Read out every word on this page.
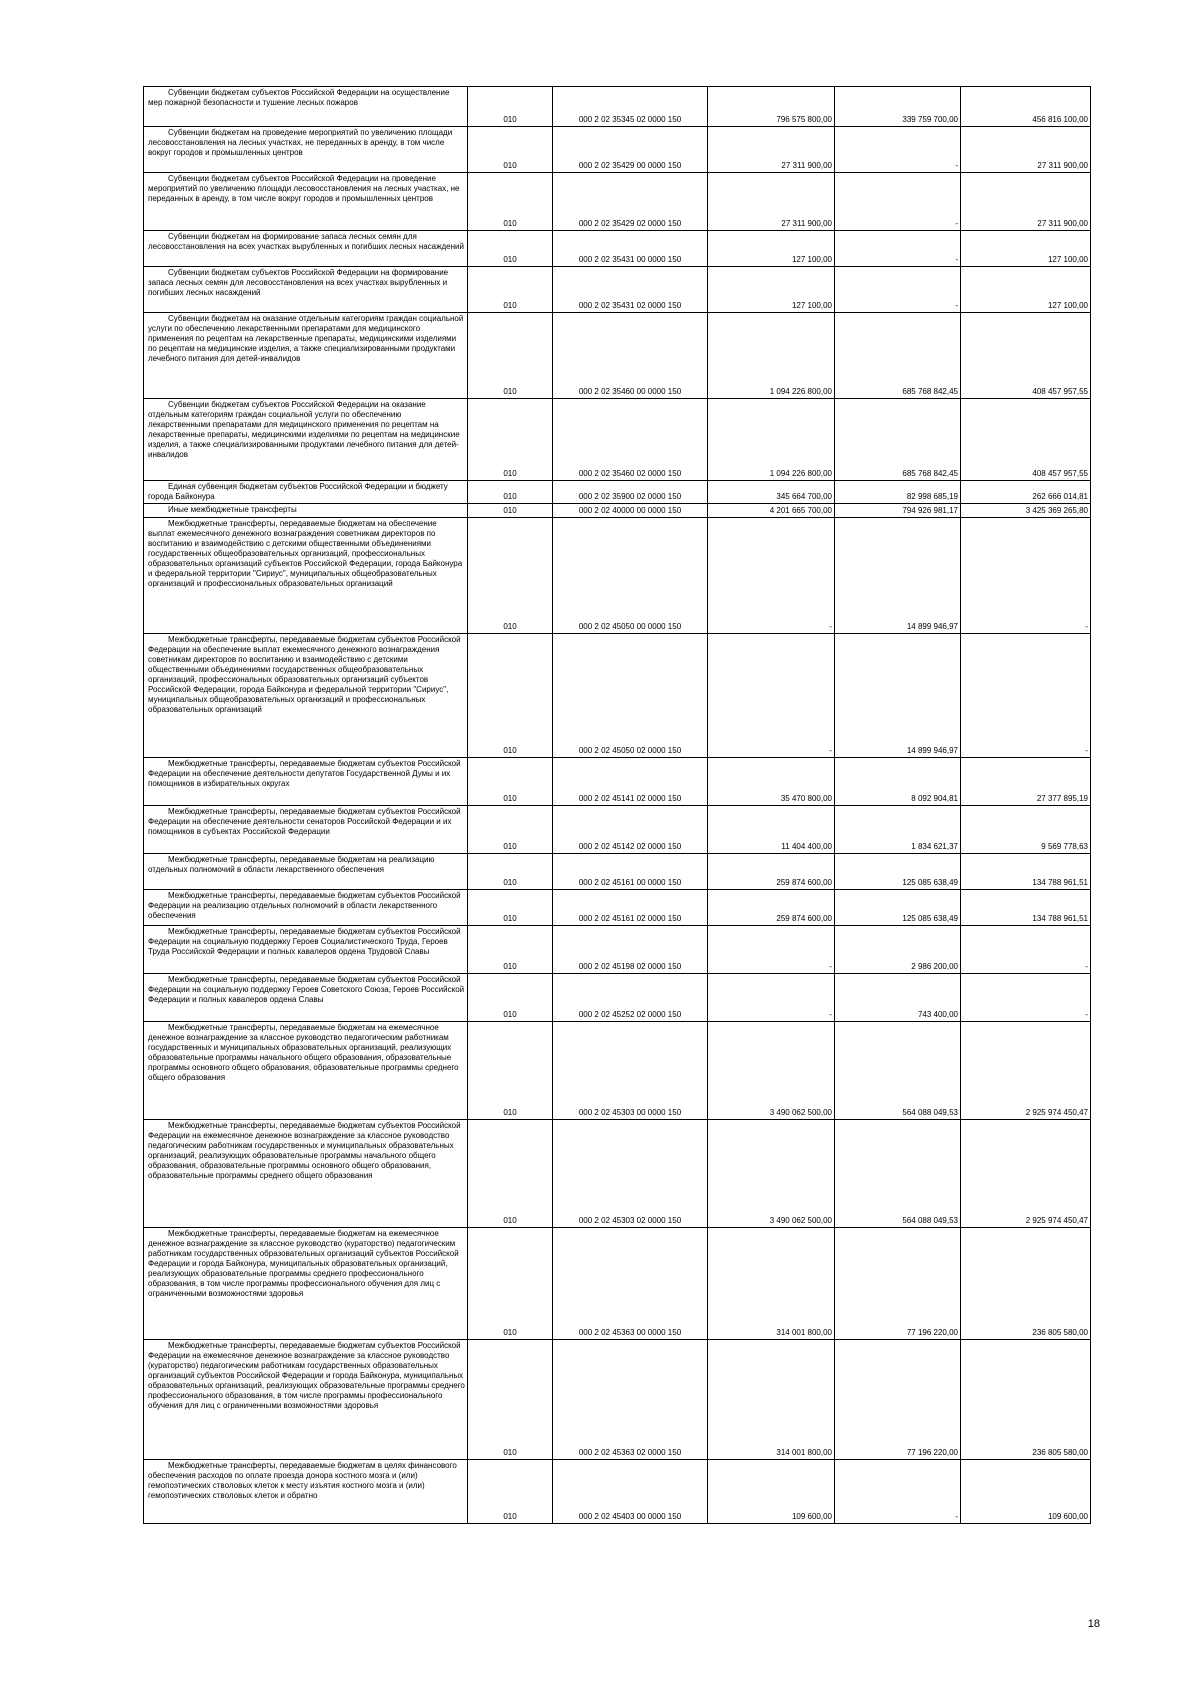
Субвенции бюджетам субъектов Российской Федерации на осуществление мер пожарной безопасности и тушение лесных пожаров	010	000 2 02 35345 02 0000 150	796 575 800,00	339 759 700,00	456 816 100,00

Субвенции бюджетам на проведение мероприятий по увеличению площади лесовосстановления на лесных участках, не переданных в аренду, в том числе вокруг городов и промышленных центров	010	000 2 02 35429 00 0000 150	27 311 900,00	-	27 311 900,00

Субвенции бюджетам субъектов Российской Федерации на проведение мероприятий по увеличению площади лесовосстановления на лесных участках, не переданных в аренду, в том числе вокруг городов и промышленных центров	010	000 2 02 35429 02 0000 150	27 311 900,00	-	27 311 900,00

Субвенции бюджетам на формирование запаса лесных семян для лесовосстановления на всех участках вырубленных и погибших лесных насаждений	010	000 2 02 35431 00 0000 150	127 100,00	-	127 100,00

Субвенции бюджетам субъектов Российской Федерации на формирование запаса лесных семян для лесовосстановления на всех участках вырубленных и погибших лесных насаждений	010	000 2 02 35431 02 0000 150	127 100,00	-	127 100,00

Субвенции бюджетам на оказание отдельным категориям граждан социальной услуги по обеспечению лекарственными препаратами для медицинского применения по рецептам на лекарственные препараты, медицинскими изделиями по рецептам на медицинские изделия, а также специализированными продуктами лечебного питания для детей-инвалидов	010	000 2 02 35460 00 0000 150	1 094 226 800,00	685 768 842,45	408 457 957,55

Субвенции бюджетам субъектов Российской Федерации на оказание отдельным категориям граждан социальной услуги по обеспечению лекарственными препаратами для медицинского применения по рецептам на лекарственные препараты, медицинскими изделиями по рецептам на медицинские изделия, а также специализированными продуктами лечебного питания для детей-инвалидов	010	000 2 02 35460 02 0000 150	1 094 226 800,00	685 768 842,45	408 457 957,55

Единая субвенция бюджетам субъектов Российской Федерации и бюджету города Байконура	010	000 2 02 35900 02 0000 150	345 664 700,00	82 998 685,19	262 666 014,81

Иные межбюджетные трансферты	010	000 2 02 40000 00 0000 150	4 201 665 700,00	794 926 981,17	3 425 369 265,80

Межбюджетные трансферты, передаваемые бюджетам на обеспечение выплат ежемесячного денежного вознаграждения советникам директоров по воспитанию и взаимодействию с детскими общественными объединениями государственных общеобразовательных организаций, профессиональных образовательных организаций субъектов Российской Федерации, города Байконура и федеральной территории "Сириус", муниципальных общеобразовательных организаций и профессиональных образовательных организаций	010	000 2 02 45050 00 0000 150	-	14 899 946,97	-

Межбюджетные трансферты, передаваемые бюджетам субъектов Российской Федерации на обеспечение выплат ежемесячного денежного вознаграждения советникам директоров по воспитанию и взаимодействию с детскими общественными объединениями государственных общеобразовательных организаций, профессиональных образовательных организаций субъектов Российской Федерации, города Байконура и федеральной территории "Сириус", муниципальных общеобразовательных организаций и профессиональных образовательных организаций	010	000 2 02 45050 02 0000 150	-	14 899 946,97	-

Межбюджетные трансферты, передаваемые бюджетам субъектов Российской Федерации на обеспечение деятельности депутатов Государственной Думы и их помощников в избирательных округах	010	000 2 02 45141 02 0000 150	35 470 800,00	8 092 904,81	27 377 895,19

Межбюджетные трансферты, передаваемые бюджетам субъектов Российской Федерации на обеспечение деятельности сенаторов Российской Федерации и их помощников в субъектах Российской Федерации	010	000 2 02 45142 02 0000 150	11 404 400,00	1 834 621,37	9 569 778,63

Межбюджетные трансферты, передаваемые бюджетам на реализацию отдельных полномочий в области лекарственного обеспечения	010	000 2 02 45161 00 0000 150	259 874 600,00	125 085 638,49	134 788 961,51

Межбюджетные трансферты, передаваемые бюджетам субъектов Российской Федерации на реализацию отдельных полномочий в области лекарственного обеспечения	010	000 2 02 45161 02 0000 150	259 874 600,00	125 085 638,49	134 788 961,51

Межбюджетные трансферты, передаваемые бюджетам субъектов Российской Федерации на социальную поддержку Героев Социалистического Труда, Героев Труда Российской Федерации и полных кавалеров ордена Трудовой Славы	010	000 2 02 45198 02 0000 150	-	2 986 200,00	-

Межбюджетные трансферты, передаваемые бюджетам субъектов Российской Федерации на социальную поддержку Героев Советского Союза, Героев Российской Федерации и полных кавалеров ордена Славы	010	000 2 02 45252 02 0000 150	-	743 400,00	-

Межбюджетные трансферты, передаваемые бюджетам на ежемесячное денежное вознаграждение за классное руководство педагогическим работникам государственных и муниципальных образовательных организаций, реализующих образовательные программы начального общего образования, образовательные программы основного общего образования, образовательные программы среднего общего образования	010	000 2 02 45303 00 0000 150	3 490 062 500,00	564 088 049,53	2 925 974 450,47

Межбюджетные трансферты, передаваемые бюджетам субъектов Российской Федерации на ежемесячное денежное вознаграждение за классное руководство педагогическим работникам государственных и муниципальных образовательных организаций, реализующих образовательные программы начального общего образования, образовательные программы основного общего образования, образовательные программы среднего общего образования	010	000 2 02 45303 02 0000 150	3 490 062 500,00	564 088 049,53	2 925 974 450,47

Межбюджетные трансферты, передаваемые бюджетам на ежемесячное денежное вознаграждение за классное руководство (кураторство) педагогическим работникам государственных образовательных организаций субъектов Российской Федерации и города Байконура, муниципальных образовательных организаций, реализующих образовательные программы среднего профессионального образования, в том числе программы профессионального обучения для лиц с ограниченными возможностями здоровья	010	000 2 02 45363 00 0000 150	314 001 800,00	77 196 220,00	236 805 580,00

Межбюджетные трансферты, передаваемые бюджетам субъектов Российской Федерации на ежемесячное денежное вознаграждение за классное руководство (кураторство) педагогическим работникам государственных образовательных организаций субъектов Российской Федерации и города Байконура, муниципальных образовательных организаций, реализующих образовательные программы среднего профессионального образования, в том числе программы профессионального обучения для лиц с ограниченными возможностями здоровья	010	000 2 02 45363 02 0000 150	314 001 800,00	77 196 220,00	236 805 580,00

Межбюджетные трансферты, передаваемые бюджетам в целях финансового обеспечения расходов по оплате проезда донора костного мозга и (или) гемопоэтических стволовых клеток к месту изъятия костного мозга и (или) гемопоэтических стволовых клеток и обратно	010	000 2 02 45403 00 0000 150	109 600,00	-	109 600,00
18
